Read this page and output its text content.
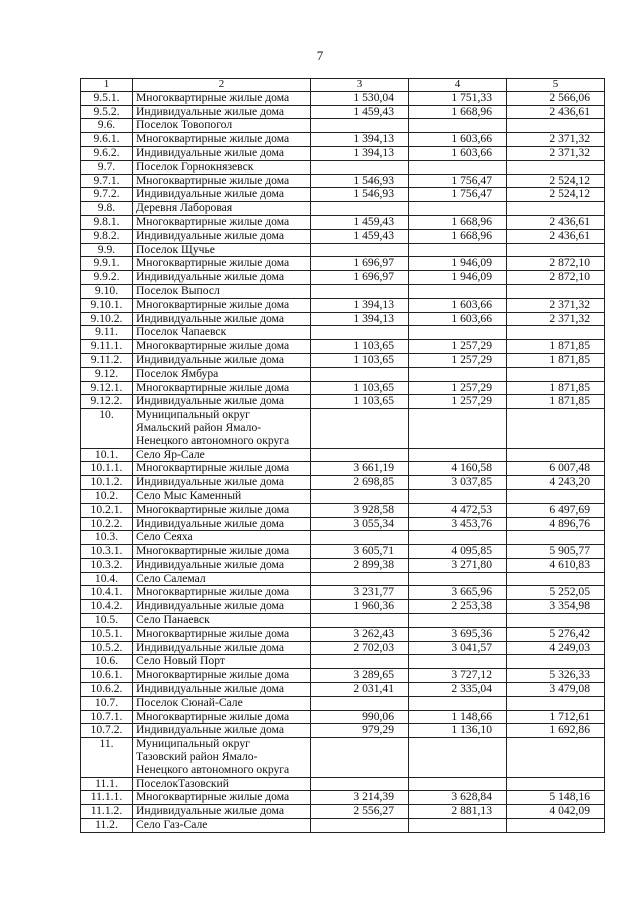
7
1	2	3	4	5
9.5.1.	Многоквартирные жилые дома	1 530,04	1 751,33	2 566,06
9.5.2.	Индивидуальные жилые дома	1 459,43	1 668,96	2 436,61
9.6.	Поселок Товопогол			
9.6.1.	Многоквартирные жилые дома	1 394,13	1 603,66	2 371,32
9.6.2.	Индивидуальные жилые дома	1 394,13	1 603,66	2 371,32
9.7.	Поселок Горнокнязевск			
9.7.1.	Многоквартирные жилые дома	1 546,93	1 756,47	2 524,12
9.7.2.	Индивидуальные жилые дома	1 546,93	1 756,47	2 524,12
9.8.	Деревня Лаборовая			
9.8.1.	Многоквартирные жилые дома	1 459,43	1 668,96	2 436,61
9.8.2.	Индивидуальные жилые дома	1 459,43	1 668,96	2 436,61
9.9.	Поселок Щучье			
9.9.1.	Многоквартирные жилые дома	1 696,97	1 946,09	2 872,10
9.9.2.	Индивидуальные жилые дома	1 696,97	1 946,09	2 872,10
9.10.	Поселок Выпосл			
9.10.1.	Многоквартирные жилые дома	1 394,13	1 603,66	2 371,32
9.10.2.	Индивидуальные жилые дома	1 394,13	1 603,66	2 371,32
9.11.	Поселок Чапаевск			
9.11.1.	Многоквартирные жилые дома	1 103,65	1 257,29	1 871,85
9.11.2.	Индивидуальные жилые дома	1 103,65	1 257,29	1 871,85
9.12.	Поселок Ямбура			
9.12.1.	Многоквартирные жилые дома	1 103,65	1 257,29	1 871,85
9.12.2.	Индивидуальные жилые дома	1 103,65	1 257,29	1 871,85
10.	Муниципальный округ
Ямальский район Ямало-
Ненецкого автономного округа			
10.1.	Село Яр-Сале			
10.1.1.	Многоквартирные жилые дома	3 661,19	4 160,58	6 007,48
10.1.2.	Индивидуальные жилые дома	2 698,85	3 037,85	4 243,20
10.2.	Село Мыс Каменный			
10.2.1.	Многоквартирные жилые дома	3 928,58	4 472,53	6 497,69
10.2.2.	Индивидуальные жилые дома	3 055,34	3 453,76	4 896,76
10.3.	Село Сеяха			
10.3.1.	Многоквартирные жилые дома	3 605,71	4 095,85	5 905,77
10.3.2.	Индивидуальные жилые дома	2 899,38	3 271,80	4 610,83
10.4.	Село Салемал			
10.4.1.	Многоквартирные жилые дома	3 231,77	3 665,96	5 252,05
10.4.2.	Индивидуальные жилые дома	1 960,36	2 253,38	3 354,98
10.5.	Село Панаевск			
10.5.1.	Многоквартирные жилые дома	3 262,43	3 695,36	5 276,42
10.5.2.	Индивидуальные жилые дома	2 702,03	3 041,57	4 249,03
10.6.	Село Новый Порт			
10.6.1.	Многоквартирные жилые дома	3 289,65	3 727,12	5 326,33
10.6.2.	Индивидуальные жилые дома	2 031,41	2 335,04	3 479,08
10.7.	Поселок Сюнай-Сале			
10.7.1.	Многоквартирные жилые дома	990,06	1 148,66	1 712,61
10.7.2.	Индивидуальные жилые дома	979,29	1 136,10	1 692,86
11.	Муниципальный округ
Тазовский район Ямало-
Ненецкого автономного округа			
11.1.	ПоселокТазовский			
11.1.1.	Многоквартирные жилые дома	3 214,39	3 628,84	5 148,16
11.1.2.	Индивидуальные жилые дома	2 556,27	2 881,13	4 042,09
11.2.	Село Газ-Сале			
